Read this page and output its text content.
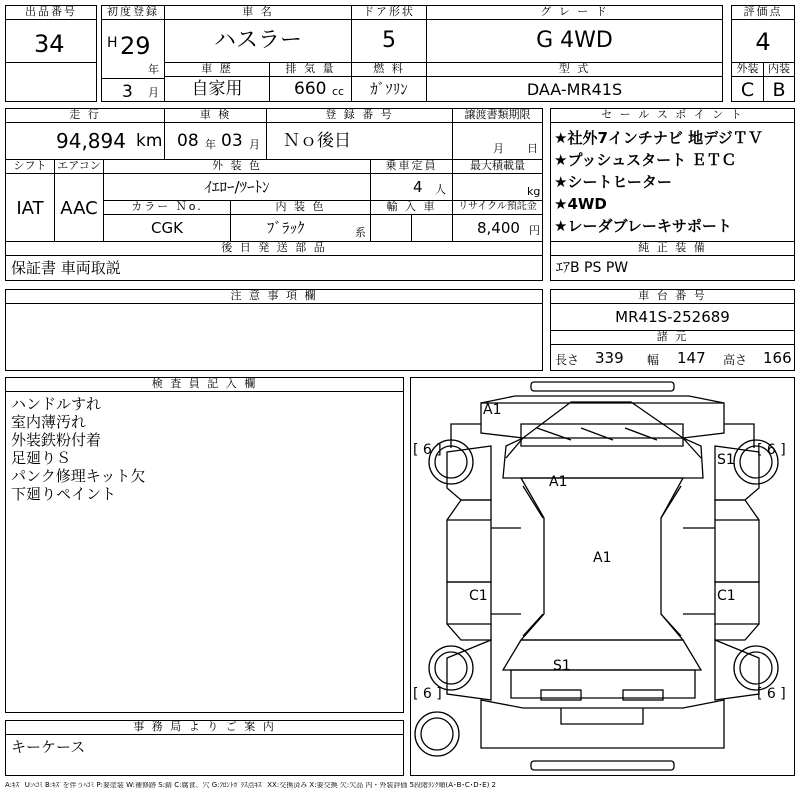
出品番号
34
初度登録
H 29
年
3 月
車 名
ハスラー
車 歴
自家用
排 気 量
660 cc
ドア形状
5
燃 料
ｶﾞｿﾘﾝ
グ レ ー ド
G 4WD
型 式
DAA-MR41S
評価点
4
外装 内装
C B
走 行
94,894 km
車 検
08 年 03 月
登 録 番 号
Ｎｏ後日
譲渡書類期限
月 日
シフト
IAT
エアコン
AAC
外 装 色
ｲｴﾛｰ/ﾂｰﾄﾝ
乗車定員
4 人
最大積載量
kg
カラー Ｎo.
CGK
内 装 色
ﾌﾞﾗｯｸ	系
輸 入 車	リサイクル預託金
8,400 円
セ ー ル ス ポ イ ン ト
★社外7インチナビ 地デジＴＶ
★プッシュスタート ＥＴＣ
★シートヒーター
★4WD
★レーダブレーキサポート
後 日 発 送 部 品
保証書 車両取説
純 正 装 備
ｴｱB PS PW
注 意 事 項 欄	車 台 番 号
MR41S-252689
諸 元
長さ 339 幅 147 高さ 166
検 査 員 記 入 欄
ハンドルすれ
室内薄汚れ
外装鉄粉付着
足廻りＳ
パンク修理キット欠
下廻りペイント
事 務 局 よ り ご 案 内
キーケース
A1
S1
A1
A1
C1	C1
S1
[ 6 ]	[ 6 ]
[ 6 ]	[ 6 ]
A:ｷｽﾞ U:ﾍｺﾐ B:ｷｽﾞを伴うﾍｺﾐ P:要塗装 W:補修跡 S:錆 C:腐食、穴 G:ﾌﾛﾝﾄｶﾞﾗｽ点ｷｽﾞ XX:交換済み X:要交換 欠:欠品 内・外装評価 5段階ﾗﾝｸ順(A･B･C･D･E) 2
